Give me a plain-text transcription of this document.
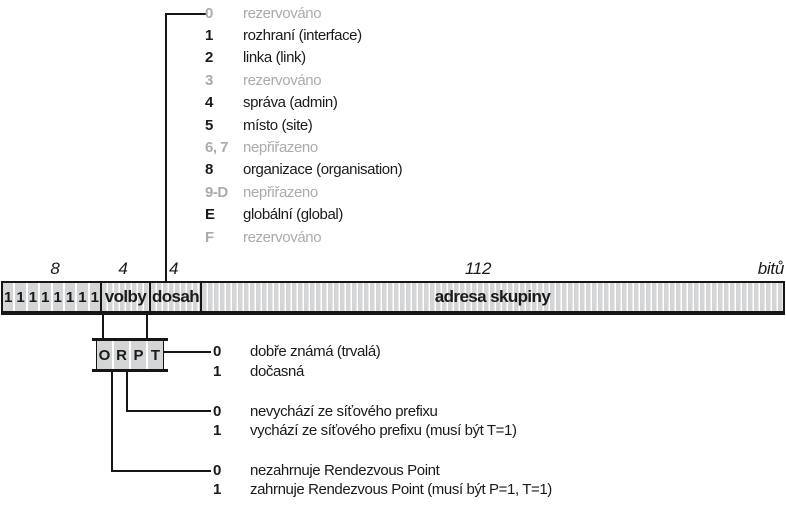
0	rezervováno
1	rozhraní (interface)
2	linka (link)
3	rezervováno
4	správa (admin)
5	místo (site)
6, 7 nepřiřazeno
8	organizace (organisation)
9-D	nepřiřazeno
E	globální (global)
F	rezervováno
8	4	4	112	bitů
1 1 1 1 1 1 1 1 volby dosah	adresa skupiny
O R P T	0	dobře známá (trvalá)
1	dočasná
0	nevychází ze síťového prefixu
1	vychází ze síťového prefixu (musí být T=1)
0	nezahrnuje Rendezvous Point
1	zahrnuje Rendezvous Point (musí být P=1, T=1)
